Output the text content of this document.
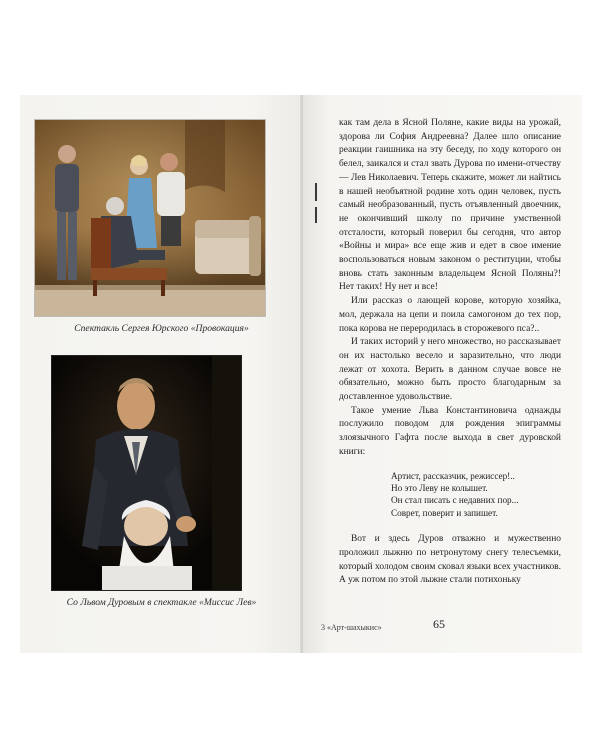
Спектакль Сергея Юрского «Провокация»
Со Львом Дуровым в спектакле «Миссис Лев»

как там дела в Ясной Поляне, какие виды на урожай, здорова ли София Андреевна? Далее шло описание реакции гаишника на эту беседу, по ходу которого он белел, заикался и стал звать Дурова по имени-отчеству — Лев Николаевич. Теперь скажите, может ли найтись в нашей необъятной родине хоть один человек, пусть самый необразованный, пусть отъявленный двоечник, не окончивший школу по причине умственной отсталости, который поверил бы сегодня, что автор «Войны и мира» все еще жив и едет в свое имение воспользоваться новым законом о реституции, чтобы вновь стать законным владельцем Ясной Поляны?! Нет таких! Ну нет и все!

Или рассказ о лающей корове, которую хозяйка, мол, держала на цепи и поила самогоном до тех пор, пока корова не переродилась в сторожевого пса?..

И таких историй у него множество, но рассказывает он их настолько весело и заразительно, что люди лежат от хохота. Верить в данном случае вовсе не обязательно, можно быть просто благодарным за доставленное удовольствие.

Такое умение Льва Константиновича однажды послужило поводом для рождения эпиграммы злоязычного Гафта после выхода в свет дуровской книги:

Артист, рассказчик, режиссер!..
Но это Леву не колышет.
Он стал писать с недавних пор...
Соврет, поверит и запишет.

Вот и здесь Дуров отважно и мужественно проложил лыжню по нетронутому снегу телесъемки, который холодом своим сковал языки всех участников. А уж потом по этой лыжне стали потихоньку

3 «Арт-шахыкис»	65
